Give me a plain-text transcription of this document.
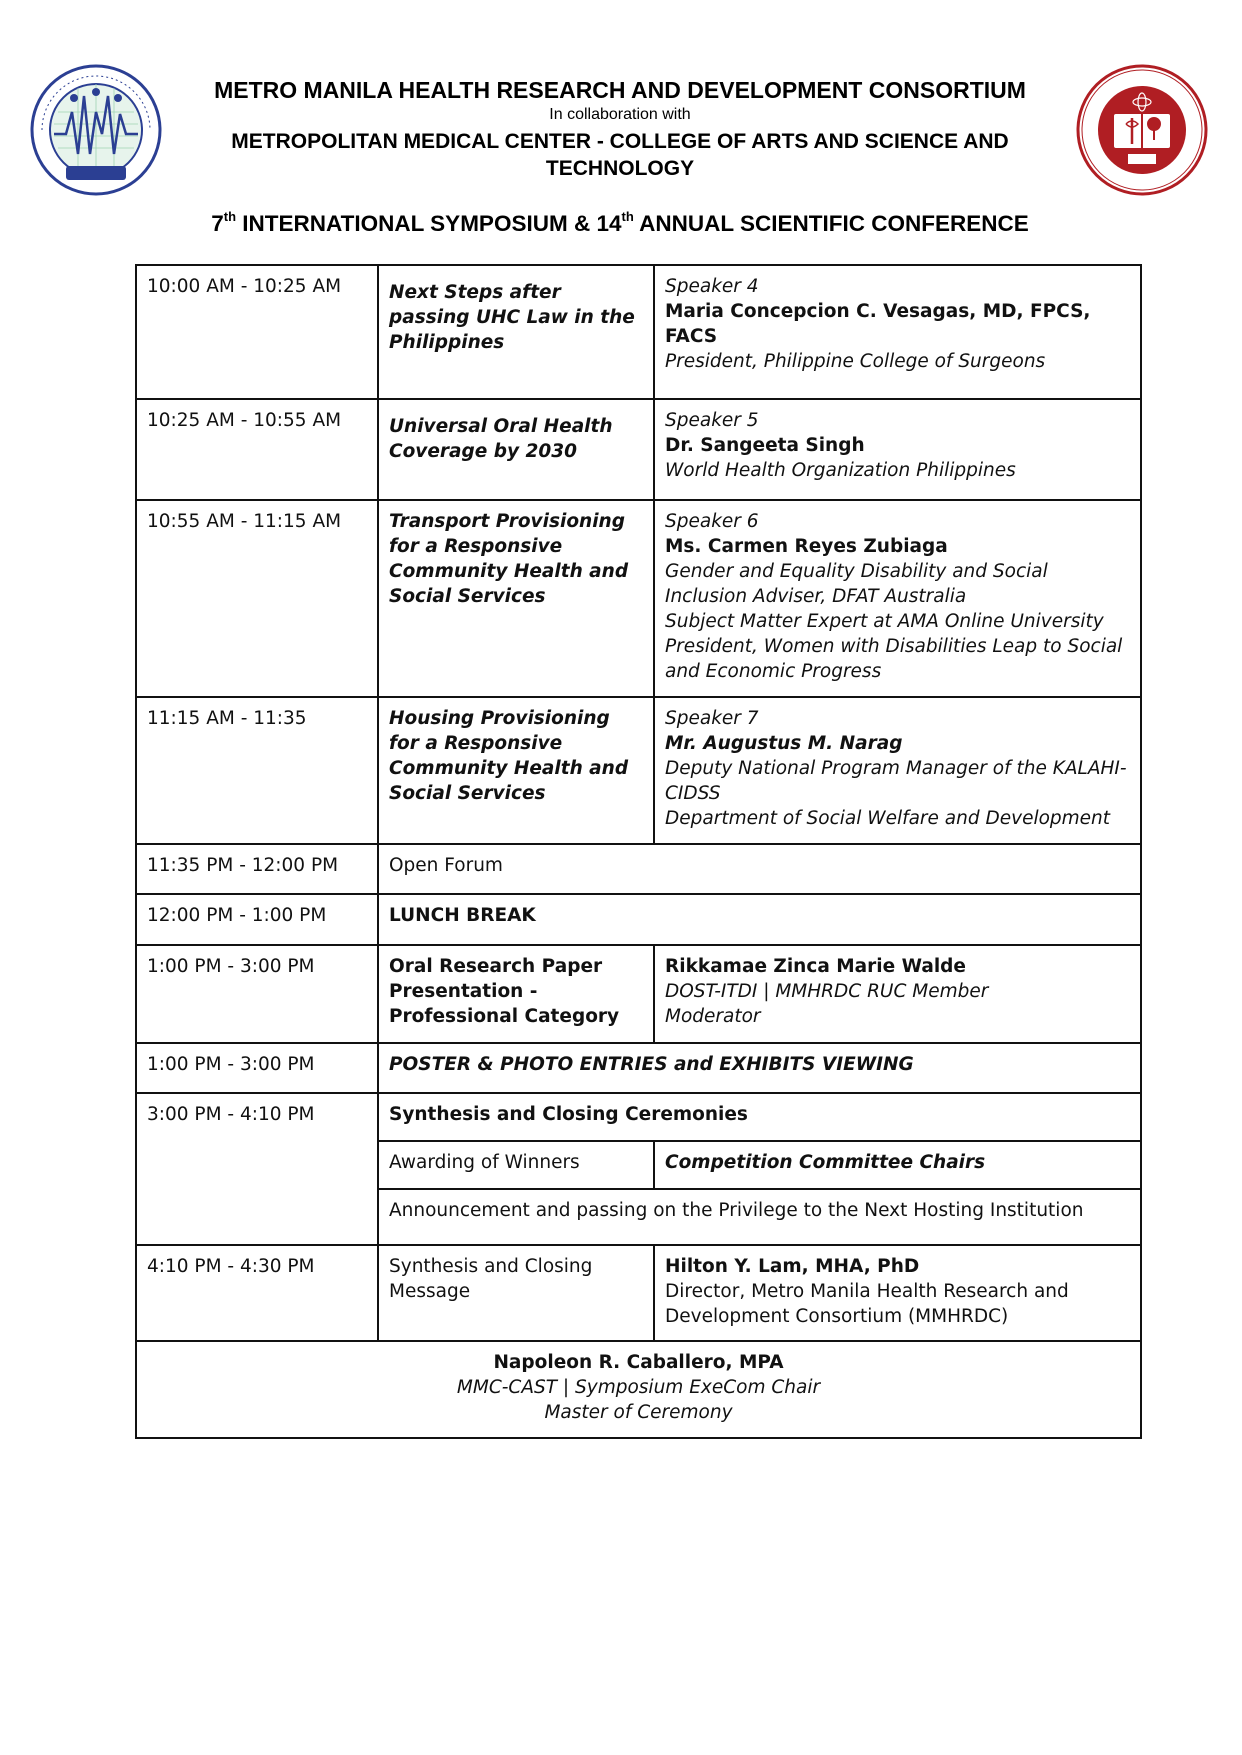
METRO MANILA HEALTH RESEARCH AND DEVELOPMENT CONSORTIUM
In collaboration with
METROPOLITAN MEDICAL CENTER - COLLEGE OF ARTS AND SCIENCE AND TECHNOLOGY
7th INTERNATIONAL SYMPOSIUM & 14th ANNUAL SCIENTIFIC CONFERENCE
10:00 AM - 10:25 AM	Next Steps after passing UHC Law in the Philippines	Speaker 4
Maria Concepcion C. Vesagas, MD, FPCS, FACS
President, Philippine College of Surgeons

10:25 AM - 10:55 AM	Universal Oral Health Coverage by 2030	Speaker 5
Dr. Sangeeta Singh
World Health Organization Philippines

10:55 AM - 11:15 AM	Transport Provisioning for a Responsive Community Health and Social Services	Speaker 6
Ms. Carmen Reyes Zubiaga
Gender and Equality Disability and Social Inclusion Adviser, DFAT Australia
Subject Matter Expert at AMA Online University
President, Women with Disabilities Leap to Social and Economic Progress

11:15 AM - 11:35	Housing Provisioning for a Responsive Community Health and Social Services	Speaker 7
Mr. Augustus M. Narag
Deputy National Program Manager of the KALAHI-CIDSS
Department of Social Welfare and Development

11:35 PM - 12:00 PM	Open Forum	
12:00 PM - 1:00 PM	LUNCH BREAK	
1:00 PM - 3:00 PM	Oral Research Paper Presentation - Professional Category	Rikkamae Zinca Marie Walde
DOST-ITDI | MMHRDC RUC Member
Moderator

1:00 PM - 3:00 PM	POSTER & PHOTO ENTRIES and EXHIBITS VIEWING	
3:00 PM - 4:10 PM	Synthesis and Closing Ceremonies	
	Awarding of Winners	Competition Committee Chairs
	Announcement and passing on the Privilege to the Next Hosting Institution	
4:10 PM - 4:30 PM	Synthesis and Closing Message	Hilton Y. Lam, MHA, PhD
Director, Metro Manila Health Research and Development Consortium (MMHRDC)

Napoleon R. Caballero, MPA
MMC-CAST | Symposium ExeCom Chair
Master of Ceremony		
